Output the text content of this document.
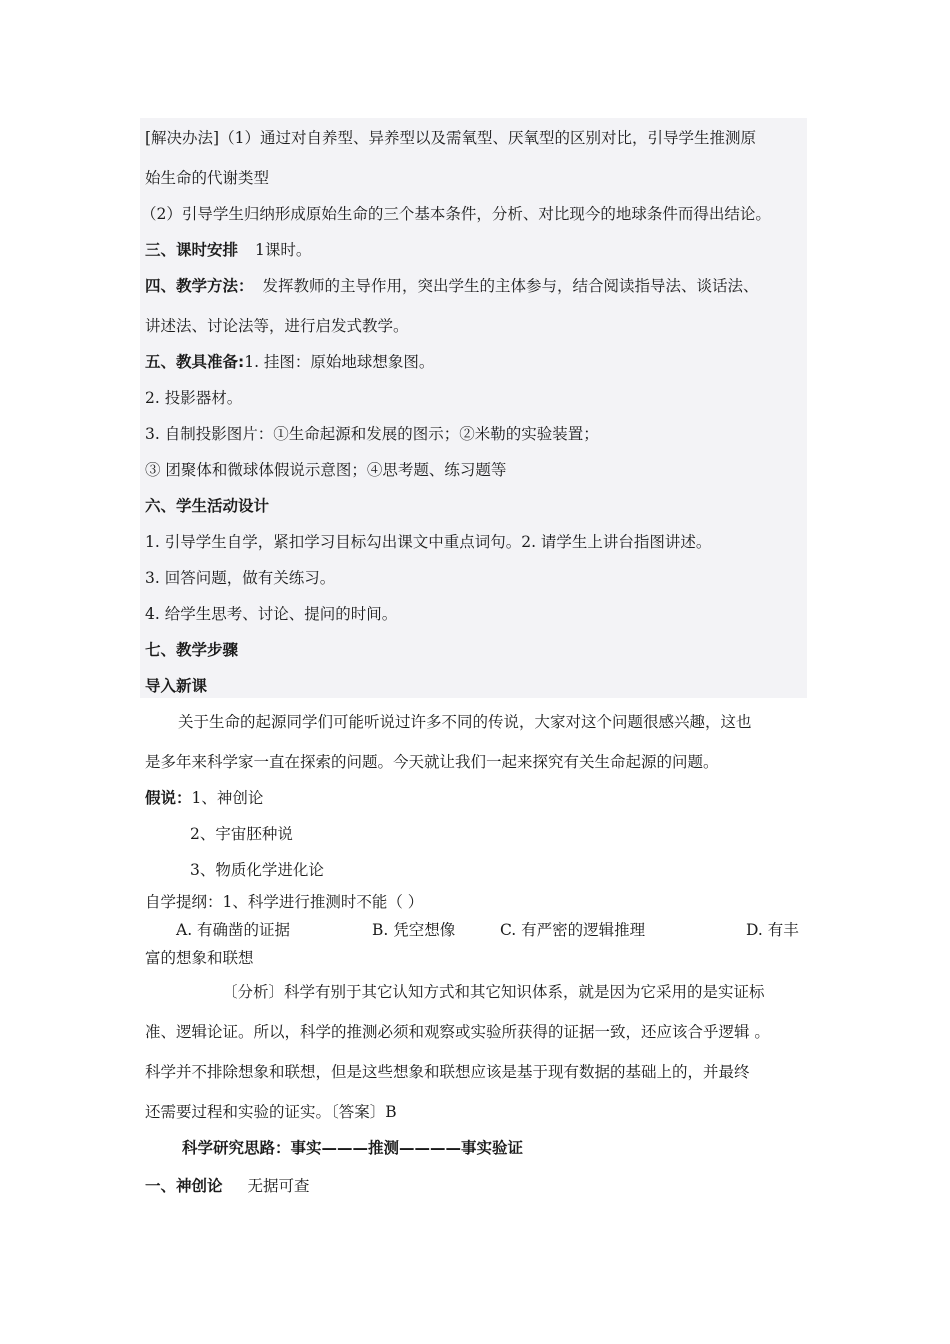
[解决办法]（1）通过对自养型、异养型以及需氧型、厌氧型的区别对比，引导学生推测原
始生命的代谢类型
（2）引导学生归纳形成原始生命的三个基本条件，分析、对比现今的地球条件而得出结论。
三、课时安排 1课时。
四、教学方法： 发挥教师的主导作用，突出学生的主体参与，结合阅读指导法、谈话法、
讲述法、讨论法等，进行启发式教学。
五、教具准备:1. 挂图：原始地球想象图。
2. 投影器材。
3. 自制投影图片：①生命起源和发展的图示；②米勒的实验装置；
③ 团聚体和微球体假说示意图；④思考题、练习题等
六、学生活动设计
1. 引导学生自学，紧扣学习目标勾出课文中重点词句。2. 请学生上讲台指图讲述。
3. 回答问题，做有关练习。
4. 给学生思考、讨论、提问的时间。
七、教学步骤
导入新课
关于生命的起源同学们可能听说过许多不同的传说，大家对这个问题很感兴趣，这也
是多年来科学家一直在探索的问题。今天就让我们一起来探究有关生命起源的问题。
假说：1、神创论
2、宇宙胚种说
3、物质化学进化论
自学提纲：1、科学进行推测时不能（ ）
A. 有确凿的证据	B. 凭空想像	C. 有严密的逻辑推理	D. 有丰
富的想象和联想
〔分析〕科学有别于其它认知方式和其它知识体系，就是因为它采用的是实证标
准、逻辑论证。所以，科学的推测必须和观察或实验所获得的证据一致，还应该合乎逻辑 。
科学并不排除想象和联想，但是这些想象和联想应该是基于现有数据的基础上的，并最终
还需要过程和实验的证实。〔答案〕B
科学研究思路：事实———推测————事实验证
一、神创论 无据可查
